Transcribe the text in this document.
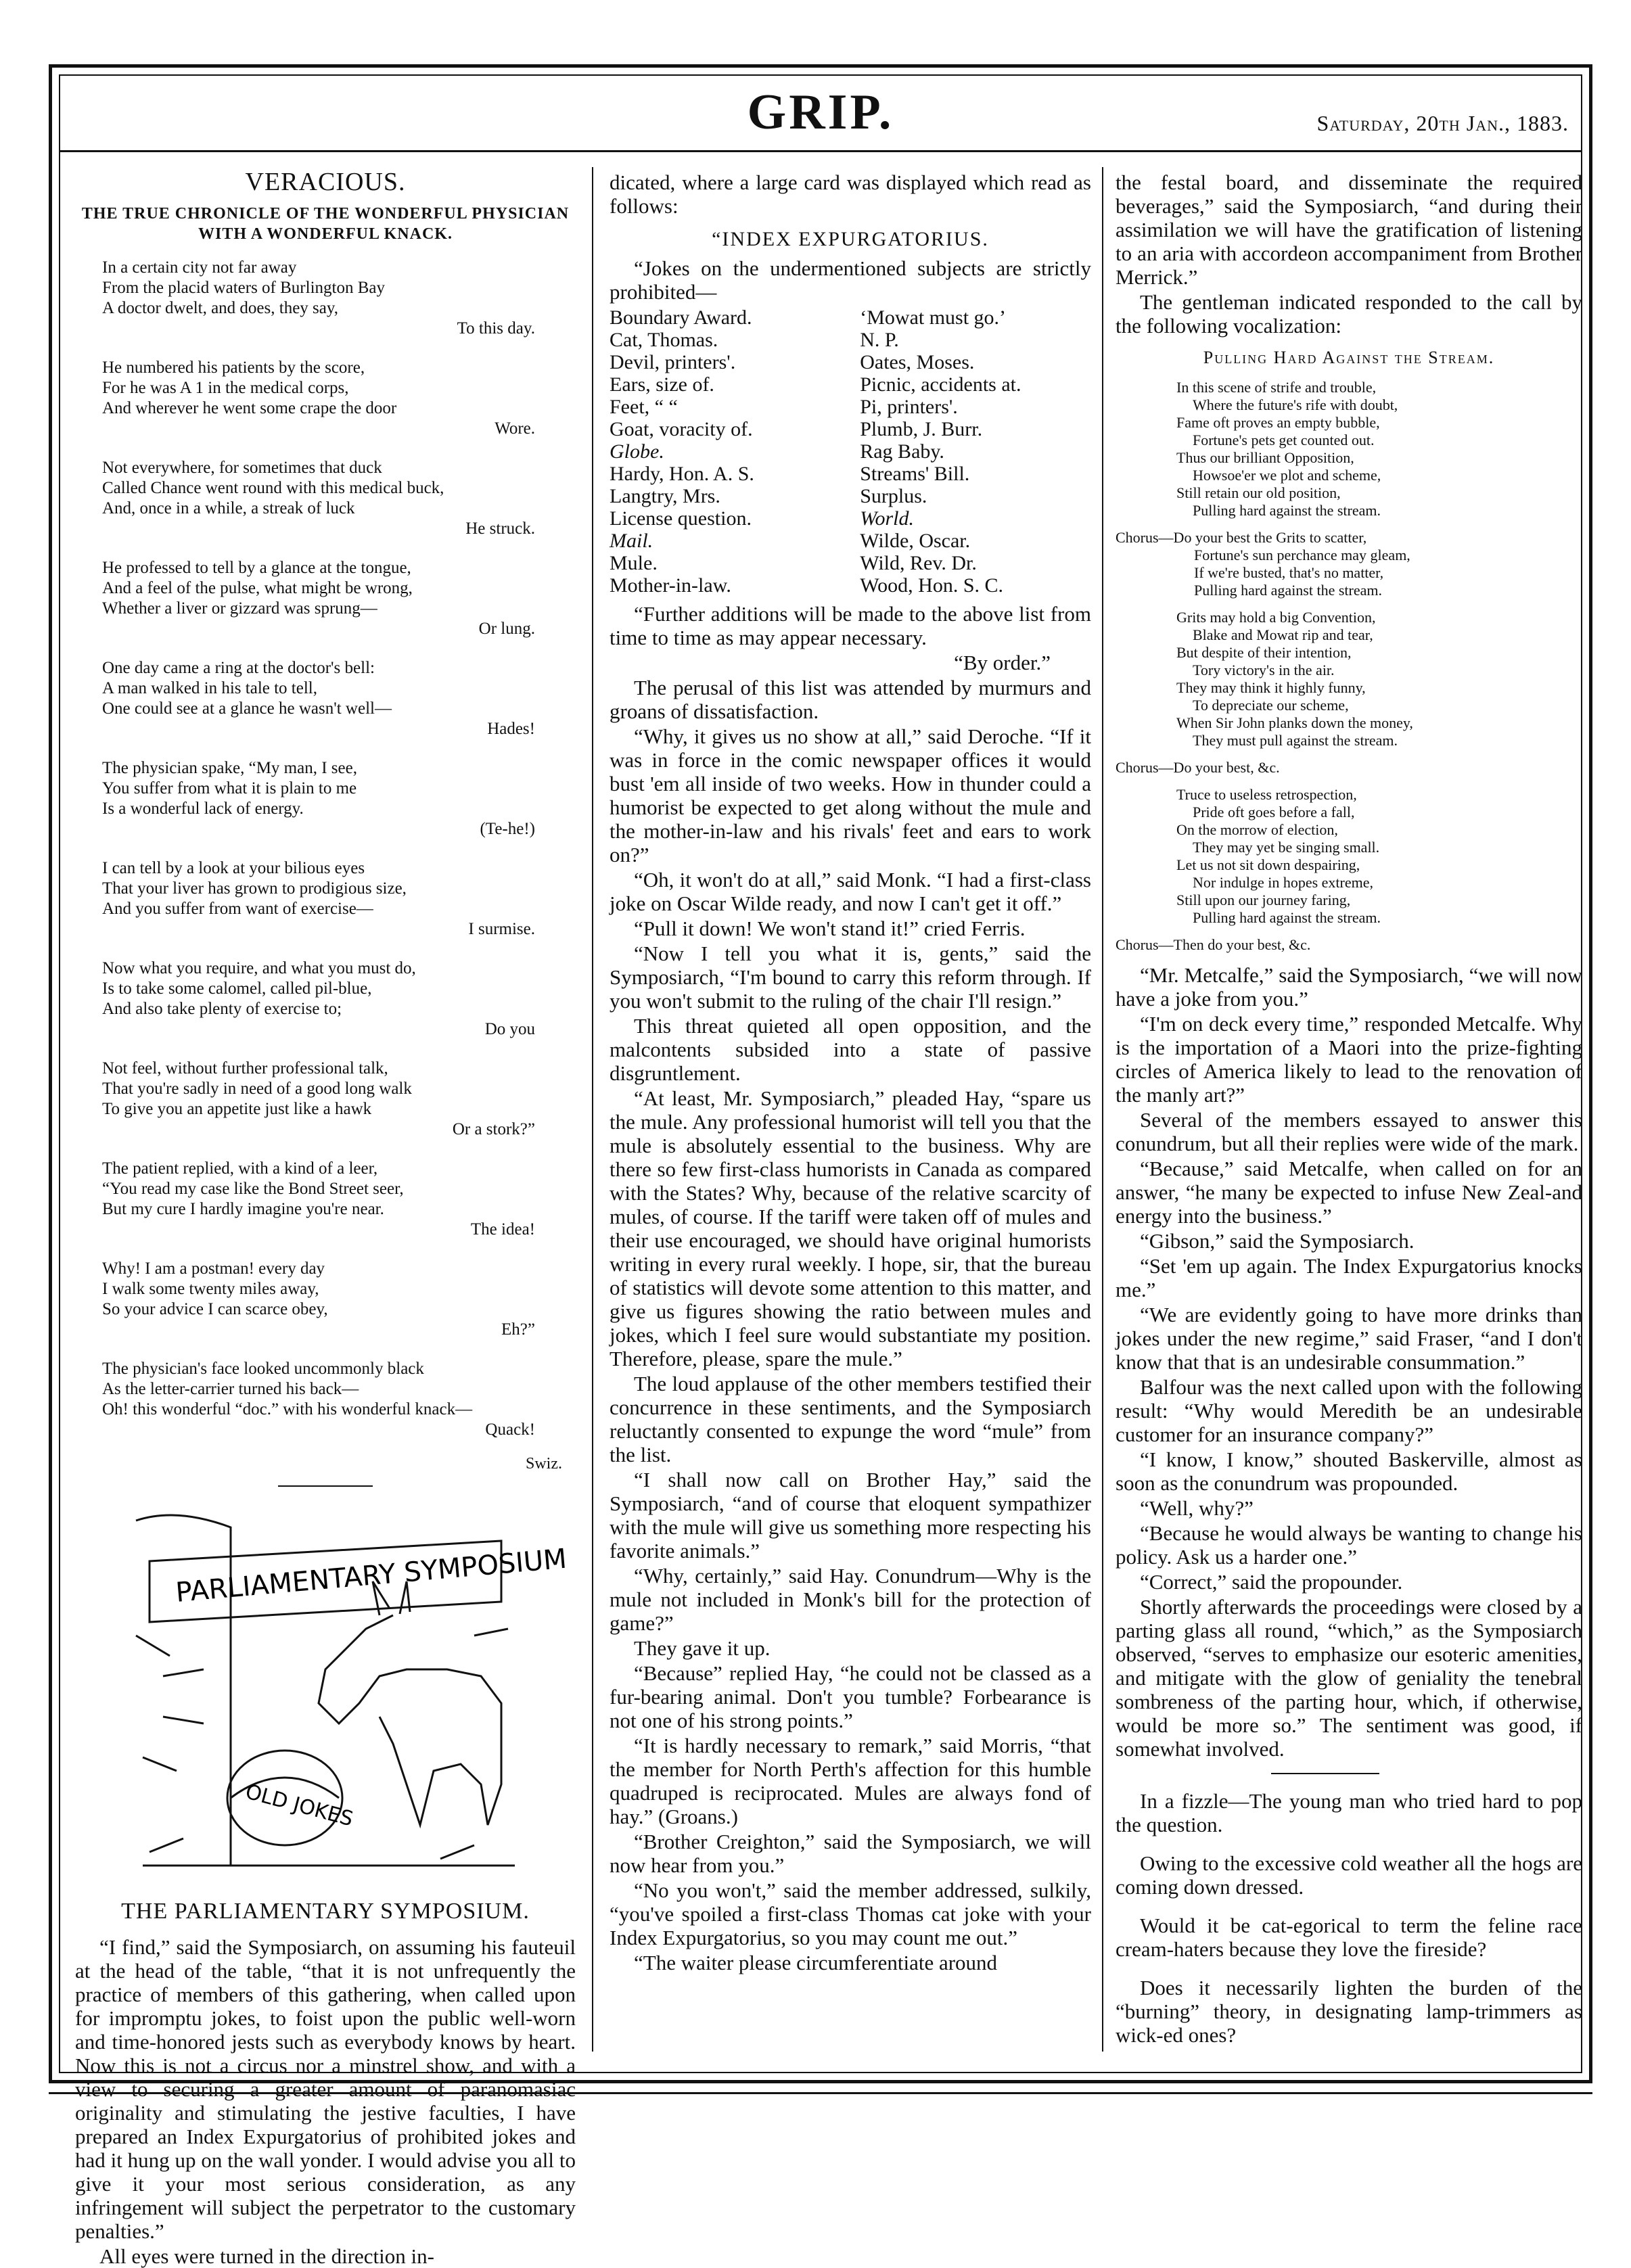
GRIP.	Saturday, 20th Jan., 1883.
VERACIOUS.
THE TRUE CHRONICLE OF THE WONDERFUL PHYSICIAN WITH A WONDERFUL KNACK.
In a certain city not far away
From the placid waters of Burlington Bay
A doctor dwelt, and does, they say,
To this day.
He numbered his patients by the score,
For he was A 1 in the medical corps,
And wherever he went some crape the door
Wore.
Not everywhere, for sometimes that duck
Called Chance went round with this medical buck,
And, once in a while, a streak of luck
He struck.
He professed to tell by a glance at the tongue,
And a feel of the pulse, what might be wrong,
Whether a liver or gizzard was sprung—
Or lung.
One day came a ring at the doctor's bell:
A man walked in his tale to tell,
One could see at a glance he wasn't well—
Hades!
The physician spake, “My man, I see,
You suffer from what it is plain to me
Is a wonderful lack of energy.
(Te-he!)
I can tell by a look at your bilious eyes
That your liver has grown to prodigious size,
And you suffer from want of exercise—
I surmise.
Now what you require, and what you must do,
Is to take some calomel, called pil-blue,
And also take plenty of exercise to;
Do you
Not feel, without further professional talk,
That you're sadly in need of a good long walk
To give you an appetite just like a hawk
Or a stork?”
The patient replied, with a kind of a leer,
“You read my case like the Bond Street seer,
But my cure I hardly imagine you're near.
The idea!
Why! I am a postman! every day
I walk some twenty miles away,
So your advice I can scarce obey,
Eh?”
The physician's face looked uncommonly black
As the letter-carrier turned his back—
Oh! this wonderful “doc.” with his wonderful knack—
Quack!
Swiz.
PARLIAMENTARY SYMPOSIUM
OLD JOKES
THE PARLIAMENTARY SYMPOSIUM.

“I find,” said the Symposiarch, on assuming his fauteuil at the head of the table, “that it is not unfrequently the practice of members of this gathering, when called upon for impromptu jokes, to foist upon the public well-worn and time-honored jests such as everybody knows by heart. Now this is not a circus nor a minstrel show, and with a view to securing a greater amount of paranomasiac originality and stimulating the jestive faculties, I have prepared an Index Expurgatorius of prohibited jokes and had it hung up on the wall yonder. I would advise you all to give it your most serious consideration, as any infringement will subject the perpetrator to the customary penalties.”

All eyes were turned in the direction in-

dicated, where a large card was displayed which read as follows:

“INDEX EXPURGATORIUS.

“Jokes on the undermentioned subjects are strictly prohibited—

Boundary Award.	‘Mowat must go.’
Cat, Thomas.	N. P.
Devil, printers'.	Oates, Moses.
Ears, size of.	Picnic, accidents at.
Feet, “ “	Pi, printers'.
Goat, voracity of.	Plumb, J. Burr.
Globe.	Rag Baby.
Hardy, Hon. A. S.	Streams' Bill.
Langtry, Mrs.	Surplus.
License question.	World.
Mail.	Wilde, Oscar.
Mule.	Wild, Rev. Dr.
Mother-in-law.	Wood, Hon. S. C.

“Further additions will be made to the above list from time to time as may appear necessary.

“By order.”

The perusal of this list was attended by murmurs and groans of dissatisfaction.

“Why, it gives us no show at all,” said Deroche. “If it was in force in the comic newspaper offices it would bust 'em all inside of two weeks. How in thunder could a humorist be expected to get along without the mule and the mother-in-law and his rivals' feet and ears to work on?”

“Oh, it won't do at all,” said Monk. “I had a first-class joke on Oscar Wilde ready, and now I can't get it off.”

“Pull it down! We won't stand it!” cried Ferris.

“Now I tell you what it is, gents,” said the Symposiarch, “I'm bound to carry this reform through. If you won't submit to the ruling of the chair I'll resign.”

This threat quieted all open opposition, and the malcontents subsided into a state of passive disgruntlement.

“At least, Mr. Symposiarch,” pleaded Hay, “spare us the mule. Any professional humorist will tell you that the mule is absolutely essential to the business. Why are there so few first-class humorists in Canada as compared with the States? Why, because of the relative scarcity of mules, of course. If the tariff were taken off of mules and their use encouraged, we should have original humorists writing in every rural weekly. I hope, sir, that the bureau of statistics will devote some attention to this matter, and give us figures showing the ratio between mules and jokes, which I feel sure would substantiate my position. Therefore, please, spare the mule.”

The loud applause of the other members testified their concurrence in these sentiments, and the Symposiarch reluctantly consented to expunge the word “mule” from the list.

“I shall now call on Brother Hay,” said the Symposiarch, “and of course that eloquent sympathizer with the mule will give us something more respecting his favorite animals.”

“Why, certainly,” said Hay. Conundrum—Why is the mule not included in Monk's bill for the protection of game?”

They gave it up.

“Because” replied Hay, “he could not be classed as a fur-bearing animal. Don't you tumble? Forbearance is not one of his strong points.”

“It is hardly necessary to remark,” said Morris, “that the member for North Perth's affection for this humble quadruped is reciprocated. Mules are always fond of hay.” (Groans.)

“Brother Creighton,” said the Symposiarch, we will now hear from you.”

“No you won't,” said the member addressed, sulkily, “you've spoiled a first-class Thomas cat joke with your Index Expurgatorius, so you may count me out.”

“The waiter please circumferentiate around

the festal board, and disseminate the required beverages,” said the Symposiarch, “and during their assimilation we will have the gratification of listening to an aria with accordeon accompaniment from Brother Merrick.”

The gentleman indicated responded to the call by the following vocalization:

Pulling Hard Against the Stream.
In this scene of strife and trouble,
Where the future's rife with doubt,
Fame oft proves an empty bubble,
Fortune's pets get counted out.
Thus our brilliant Opposition,
Howsoe'er we plot and scheme,
Still retain our old position,
Pulling hard against the stream.
Chorus—Do your best the Grits to scatter,
Fortune's sun perchance may gleam,
If we're busted, that's no matter,
Pulling hard against the stream.
Grits may hold a big Convention,
Blake and Mowat rip and tear,
But despite of their intention,
Tory victory's in the air.
They may think it highly funny,
To depreciate our scheme,
When Sir John planks down the money,
They must pull against the stream.
Chorus—Do your best, &c.
Truce to useless retrospection,
Pride oft goes before a fall,
On the morrow of election,
They may yet be singing small.
Let us not sit down despairing,
Nor indulge in hopes extreme,
Still upon our journey faring,
Pulling hard against the stream.
Chorus—Then do your best, &c.

“Mr. Metcalfe,” said the Symposiarch, “we will now have a joke from you.”

“I'm on deck every time,” responded Metcalfe. Why is the importation of a Maori into the prize-fighting circles of America likely to lead to the renovation of the manly art?”

Several of the members essayed to answer this conundrum, but all their replies were wide of the mark.

“Because,” said Metcalfe, when called on for an answer, “he many be expected to infuse New Zeal-and energy into the business.”

“Gibson,” said the Symposiarch.

“Set 'em up again. The Index Expurgatorius knocks me.”

“We are evidently going to have more drinks than jokes under the new regime,” said Fraser, “and I don't know that that is an undesirable consummation.”

Balfour was the next called upon with the following result: “Why would Meredith be an undesirable customer for an insurance company?”

“I know, I know,” shouted Baskerville, almost as soon as the conundrum was propounded.

“Well, why?”

“Because he would always be wanting to change his policy. Ask us a harder one.”

“Correct,” said the propounder.

Shortly afterwards the proceedings were closed by a parting glass all round, “which,” as the Symposiarch observed, “serves to emphasize our esoteric amenities, and mitigate with the glow of geniality the tenebral sombreness of the parting hour, which, if otherwise, would be more so.” The sentiment was good, if somewhat involved.

In a fizzle—The young man who tried hard to pop the question.

Owing to the excessive cold weather all the hogs are coming down dressed.

Would it be cat-egorical to term the feline race cream-haters because they love the fireside?

Does it necessarily lighten the burden of the “burning” theory, in designating lamp-trimmers as wick-ed ones?
